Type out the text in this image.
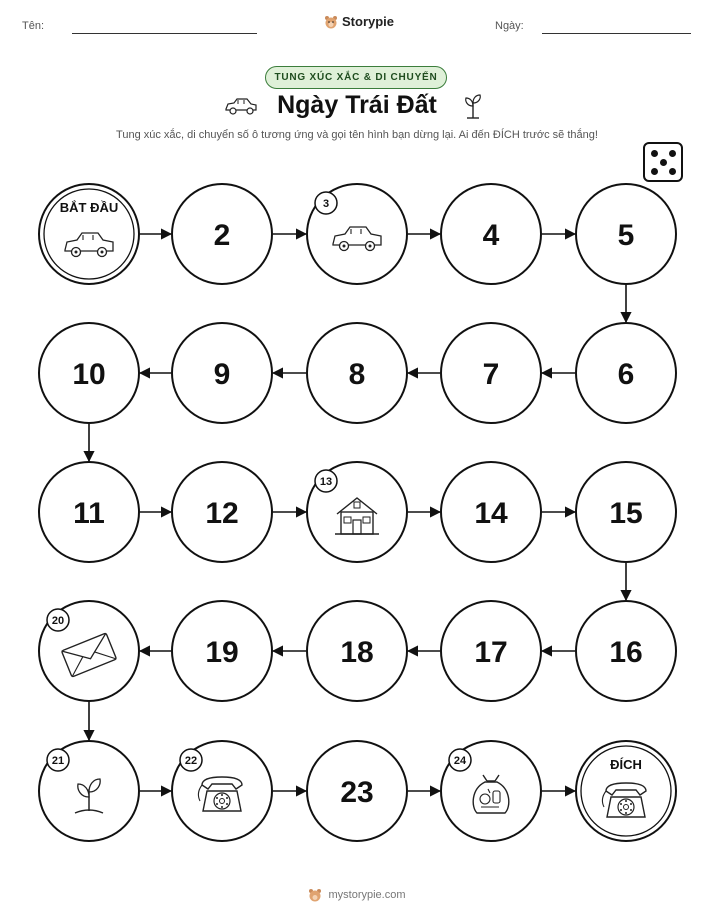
Tên:	Storypie	Ngày:
TUNG XÚC XẮC & DI CHUYỂN
Ngày Trái Đất
Tung xúc xắc, di chuyển số ô tương ứng và gọi tên hình bạn dừng lại. Ai đến ĐÍCH trước sẽ thắng!
BẮT ĐẦU
2
3
4	5
6
7
8
9
10
11	12
13
14	15
16
17
18
19
20
21	22
23
24	ĐÍCH
mystorypie.com
